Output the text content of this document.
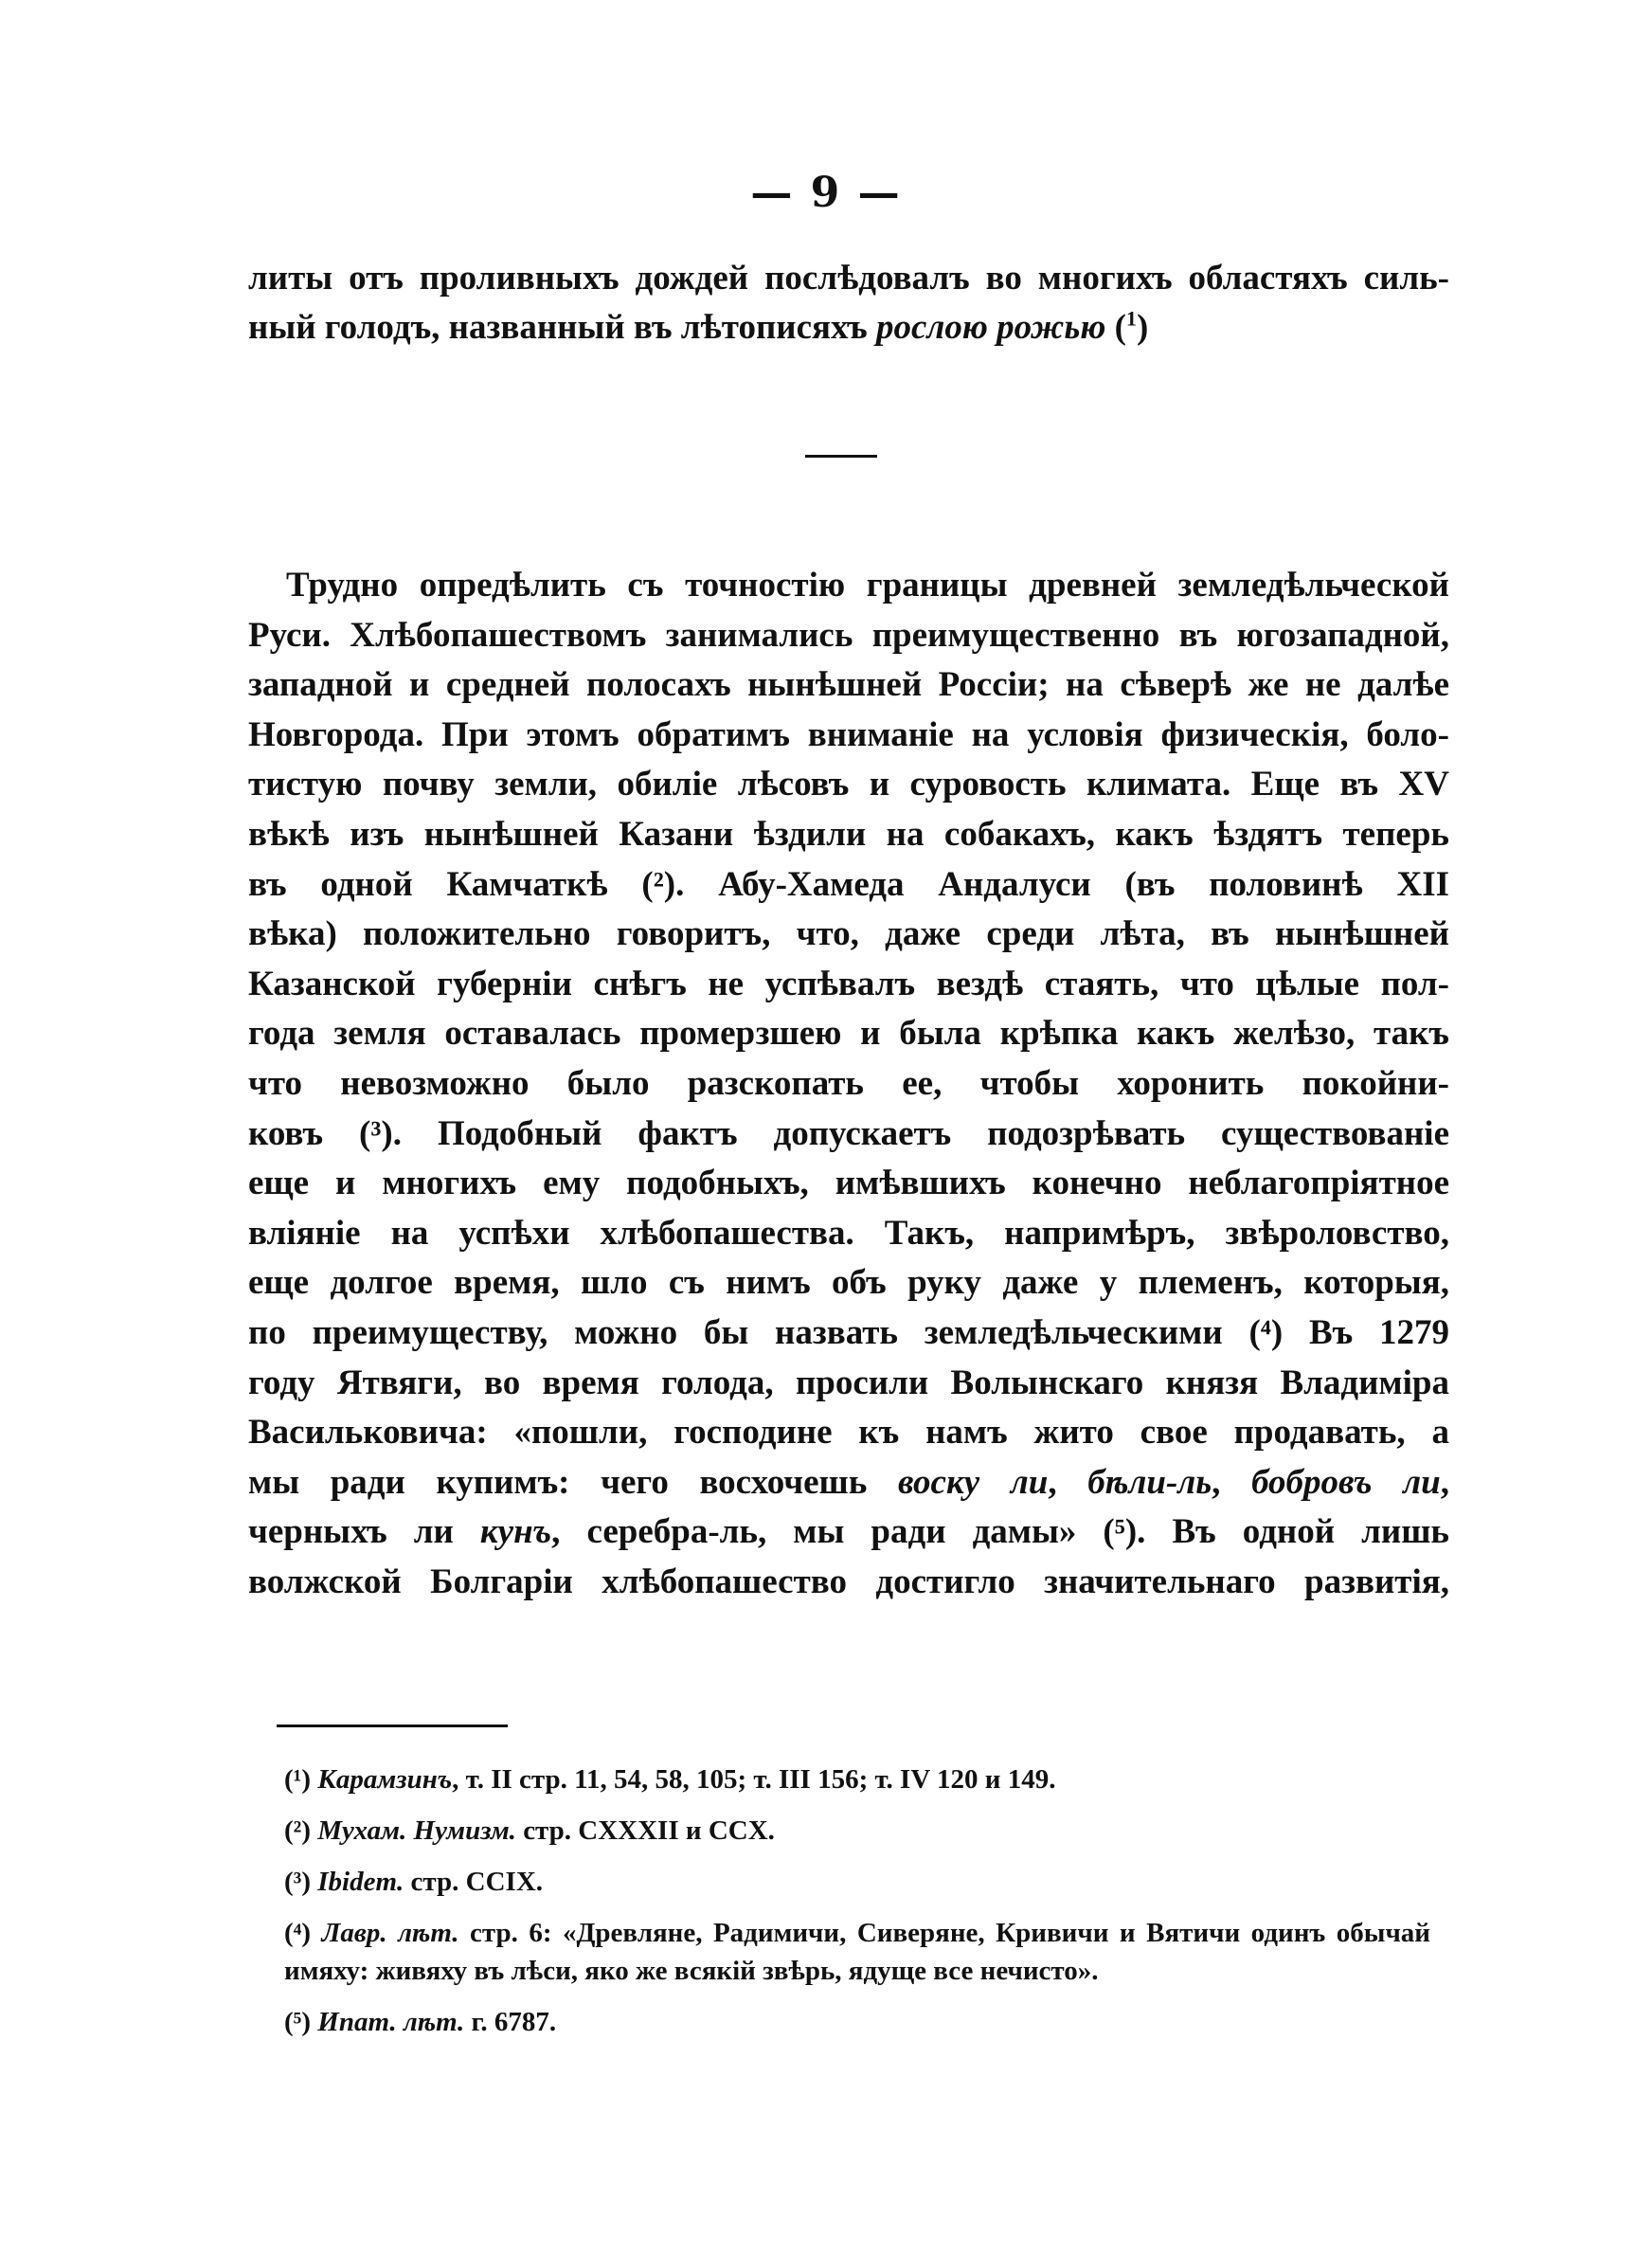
— 9 —
литы отъ проливныхъ дождей послѣдовалъ во многихъ областяхъ силь-
ный голодъ, названный въ лѣтописяхъ рослою рожью ($^1$)
Трудно опредѣлить съ точностію границы древней земледѣльческой
Руси. Хлѣбопашествомъ занимались преимущественно въ югозападной,
западной и средней полосахъ нынѣшней Россіи; на сѣверѣ же не далѣе
Новгорода. При этомъ обратимъ вниманіе на условія физическія, боло-
тистую почву земли, обиліе лѣсовъ и суровость климата. Еще въ XV
вѣкѣ изъ нынѣшней Казани ѣздили на собакахъ, какъ ѣздятъ теперь
въ одной Камчаткѣ (²). Абу-Хамеда Андалуси (въ половинѣ XII
вѣка) положительно говоритъ, что, даже среди лѣта, въ нынѣшней
Казанской губерніи снѣгъ не успѣвалъ вездѣ стаять, что цѣлые пол-
года земля оставалась промерзшею и была крѣпка какъ желѣзо, такъ
что невозможно было разскопать ее, чтобы хоронить покойни-
ковъ (³). Подобный фактъ допускаетъ подозрѣвать существованіе
еще и многихъ ему подобныхъ, имѣвшихъ конечно неблагопріятное
вліяніе на успѣхи хлѣбопашества. Такъ, напримѣръ, звѣроловство,
еще долгое время, шло съ нимъ объ руку даже у племенъ, которыя,
по преимуществу, можно бы назвать земледѣльческими (⁴) Въ 1279
году Ятвяги, во время голода, просили Волынскаго князя Владиміра
Васильковича: «пошли, господине къ намъ жито свое продавать, а
мы ради купимъ: чего восхочешь воску ли, бѣли-ль, бобровъ ли,
черныхъ ли кунъ, серебра-ль, мы ради дамы» (⁵). Въ одной лишь
волжской Болгаріи хлѣбопашество достигло значительнаго развитія,

(¹) Карамзинъ, т. II стр. 11, 54, 58, 105; т. III 156; т. IV 120 и 149.

(²) Мухам. Нумизм. стр. CXXXII и CCX.

(³) Ibidem. стр. CCIX.

(⁴) Лавр. лѣт. стр. 6: «Древляне, Радимичи, Сиверяне, Кривичи и Вятичи одинъ обычай имяху: живяху въ лѣси, яко же всякій звѣрь, ядуще все нечисто».

(⁵) Ипат. лѣт. г. 6787.
